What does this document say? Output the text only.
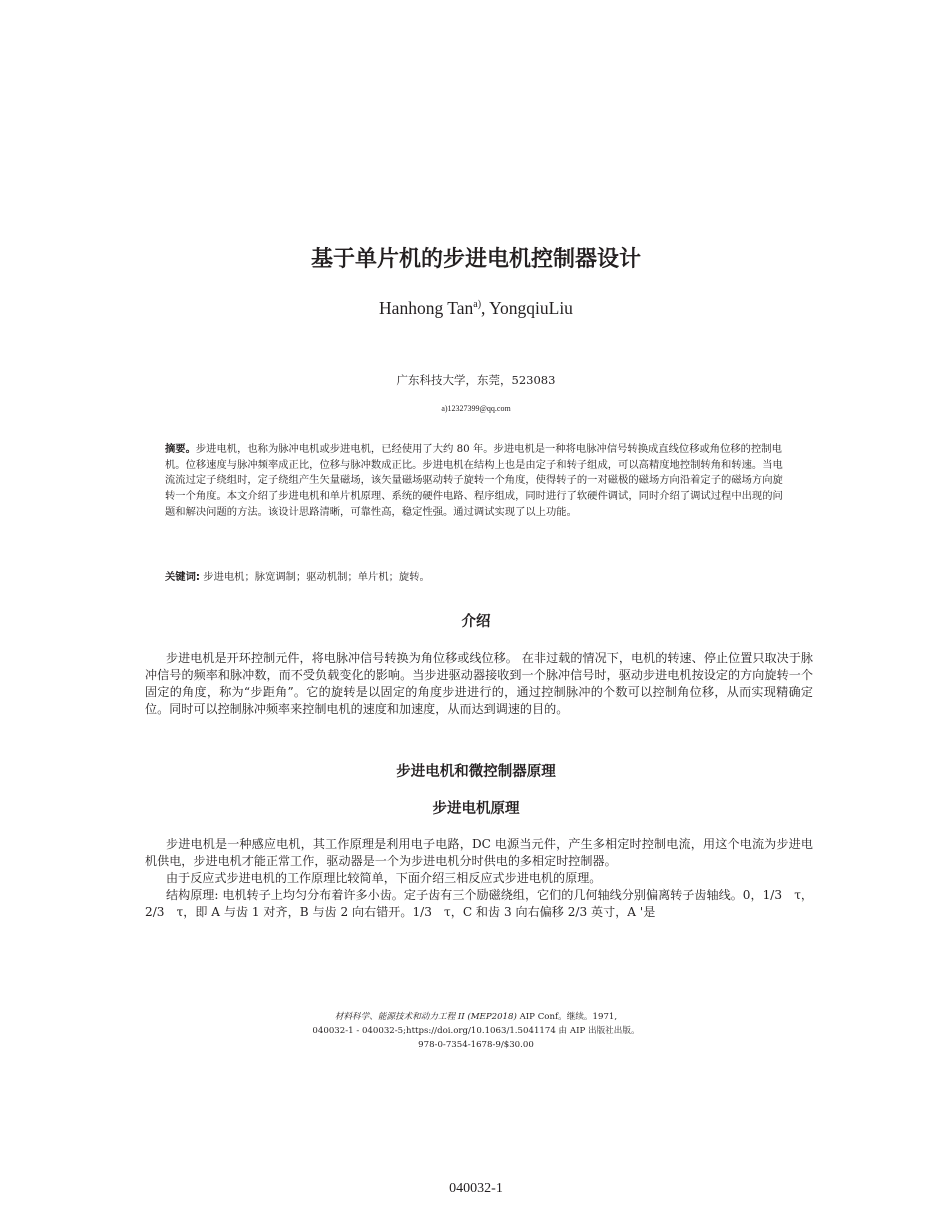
基于单片机的步进电机控制器设计
Hanhong Tan$^{a)}$, YongqiuLiu
广东科技大学，东莞，523083
a)12327399@qq.com
摘要。步进电机，也称为脉冲电机或步进电机，已经使用了大约 80 年。步进电机是一种将电脉冲信号转换成直线位移或角位移的控制电机。位移速度与脉冲频率成正比，位移与脉冲数成正比。步进电机在结构上也是由定子和转子组成，可以高精度地控制转角和转速。当电流流过定子绕组时，定子绕组产生矢量磁场，该矢量磁场驱动转子旋转一个角度，使得转子的一对磁极的磁场方向沿着定子的磁场方向旋转一个角度。本文介绍了步进电机和单片机原理、系统的硬件电路、程序组成，同时进行了软硬件调试，同时介绍了调试过程中出现的问题和解决问题的方法。该设计思路清晰，可靠性高，稳定性强。通过调试实现了以上功能。
关键词: 步进电机；脉宽调制；驱动机制；单片机；旋转。
介绍

步进电机是开环控制元件，将电脉冲信号转换为角位移或线位移。 在非过载的情况下，电机的转速、停止位置只取决于脉冲信号的频率和脉冲数，而不受负载变化的影响。当步进驱动器接收到一个脉冲信号时，驱动步进电机按设定的方向旋转一个固定的角度，称为“步距角”。它的旋转是以固定的角度步进进行的，通过控制脉冲的个数可以控制角位移，从而实现精确定位。同时可以控制脉冲频率来控制电机的速度和加速度，从而达到调速的目的。

步进电机和微控制器原理
步进电机原理

步进电机是一种感应电机，其工作原理是利用电子电路，DC 电源当元件，产生多相定时控制电流，用这个电流为步进电机供电，步进电机才能正常工作，驱动器是一个为步进电机分时供电的多相定时控制器。

由于反应式步进电机的工作原理比较简单，下面介绍三相反应式步进电机的原理。

结构原理: 电机转子上均匀分布着许多小齿。定子齿有三个励磁绕组，它们的几何轴线分别偏离转子齿轴线。0，1/3　τ，2/3　τ，即 A 与齿 1 对齐，B 与齿 2 向右错开。1/3　τ，C 和齿 3 向右偏移 2/3 英寸，A '是

材料科学、能源技术和动力工程 II (MEP2018) AIP Conf。继续。1971,
040032-1 - 040032-5;https://doi.org/10.1063/1.5041174 由 AIP 出版社出版。
978-0-7354-1678-9/$30.00
040032-1
